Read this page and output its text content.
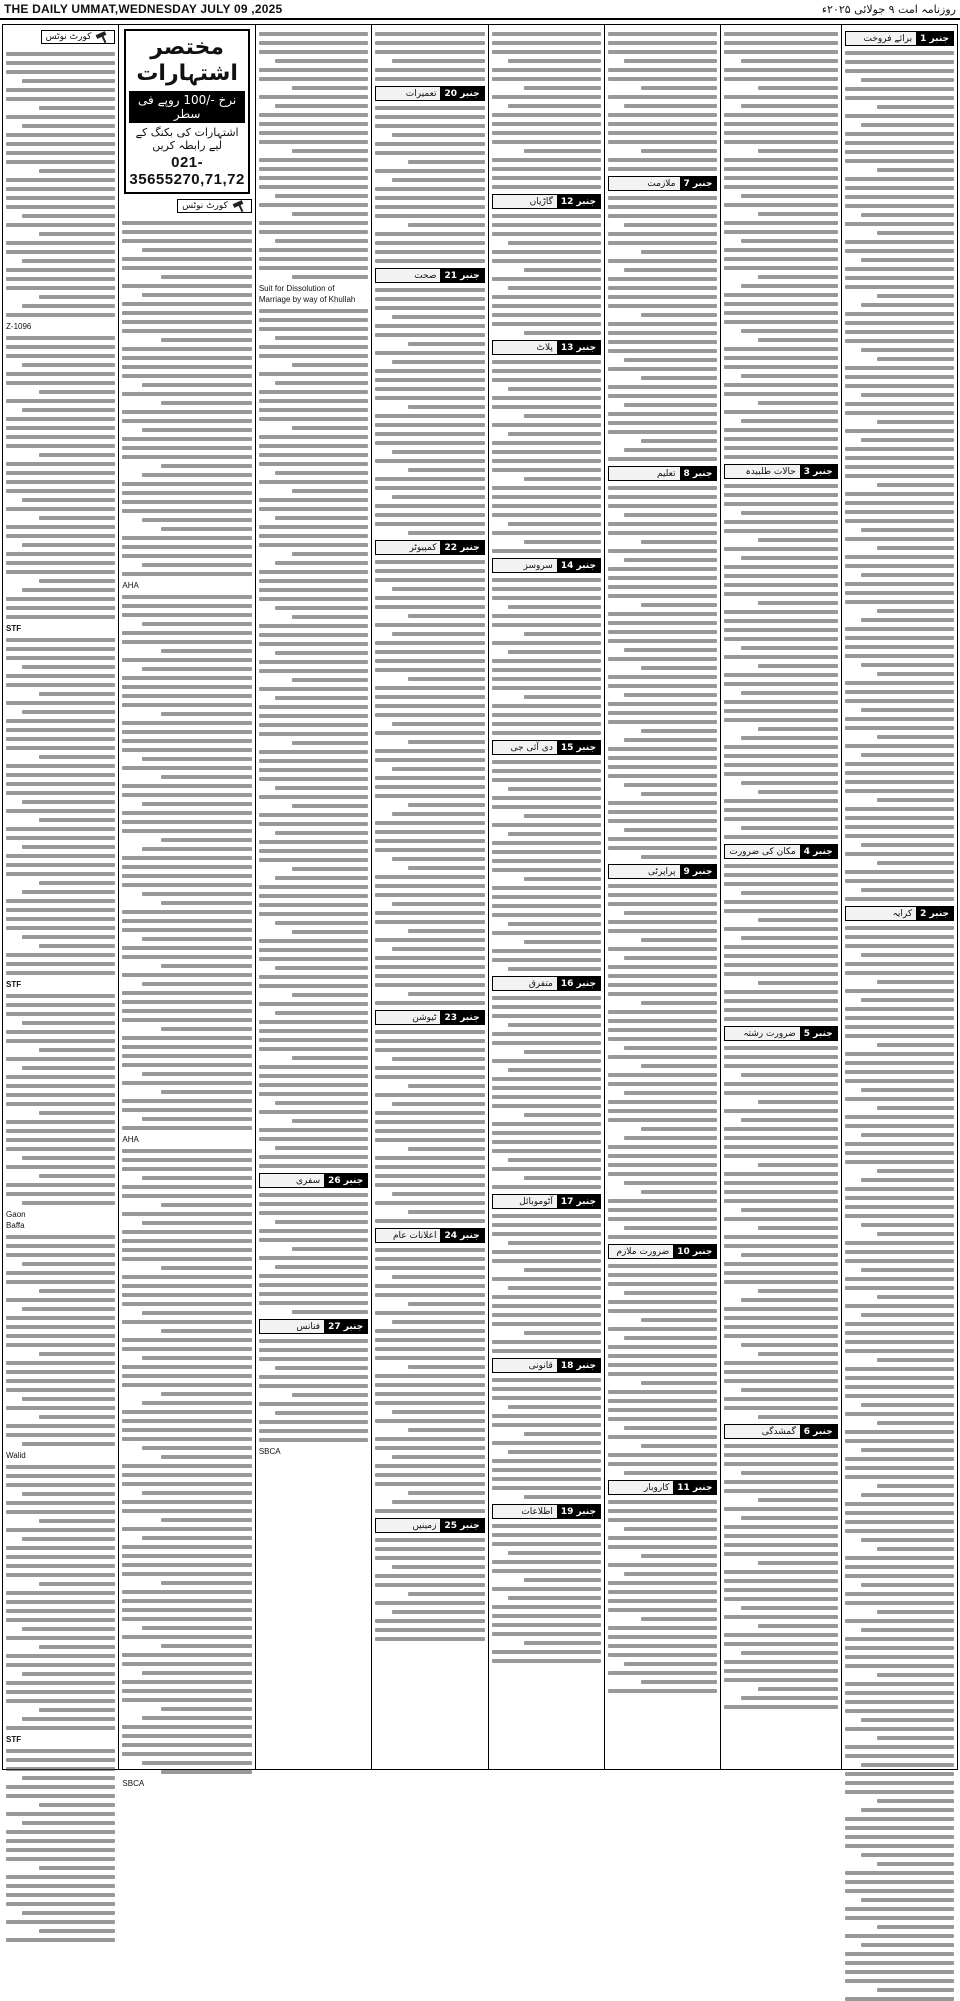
THE DAILY UMMAT,WEDNESDAY JULY 09 ,2025	روزنامہ امت ۹ جولائی ۲۰۲۵ء
جنبر 1
برائے فروخت
جنبر 2
کرایہ
جنبر 3
حالات طلبیدہ
جنبر 4
مکان کی ضرورت
جنبر 5
ضرورت رشتہ
جنبر 6
گمشدگی
جنبر 7
ملازمت
جنبر 8
تعلیم
جنبر 9
پراپرٹی
جنبر 10
ضرورت ملازم
جنبر 11
کاروبار
جنبر 12
گاڑیاں
جنبر 13
پلاٹ
جنبر 14
سروسز
جنبر 15
دی آئی جی
جنبر 16
متفرق
جنبر 17
آٹوموبائل
جنبر 18
قانونی
جنبر 19
اطلاعات
جنبر 20
تعمیرات
جنبر 21
صحت
جنبر 22
کمپیوٹر
جنبر 23
ٹیوشن
جنبر 24
اعلانات عام
جنبر 25
زمینیں
Suit for Dissolution of
Marriage by way of Khullah
جنبر 26
سفری
جنبر 27
فنانس
SBCA
مختصر اشتہارات
نرخ -/100 روپے فی سطر
اشتہارات کی بکنگ کے لیے رابطہ کریں
021-35655270,71,72
کورٹ نوٹس
AHA
AHA
SBCA
کورٹ نوٹس
Z-1096
STF
STF
Gaon
Baffa
Walid
STF
